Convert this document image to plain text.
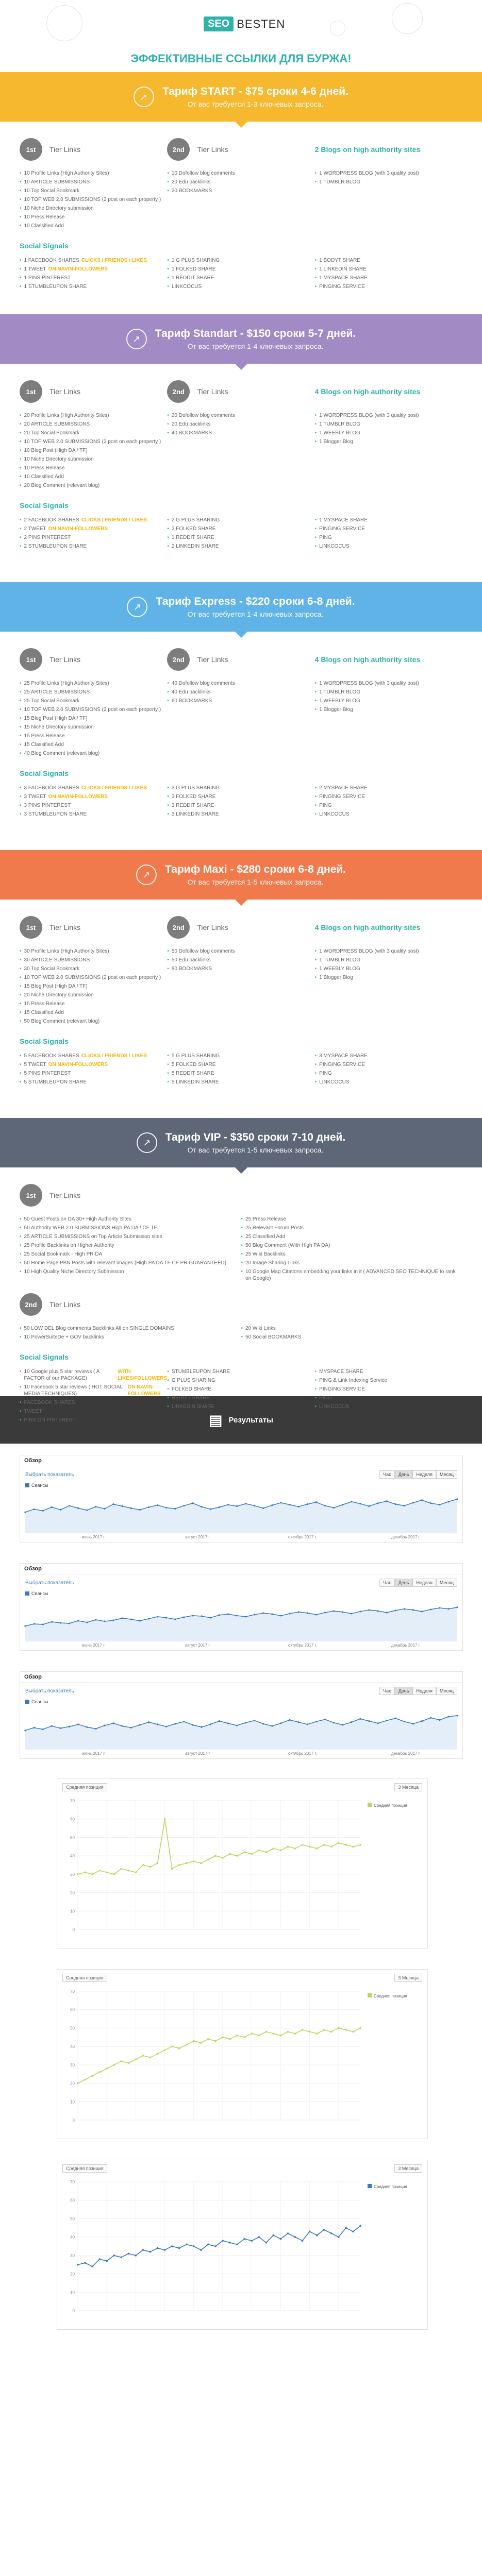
SEO BESTEN
ЭФФЕКТИВНЫЕ ССЫЛКИ ДЛЯ БУРЖА!
➚	Тариф START - $75 сроки 4-6 дней.
От вас требуется 1-3 ключевых запроса.
1st	Tier Links
• 10 Profile Links (High Authority Sites)
• 10 ARTICLE SUBMISSIONS
• 10 Top Social Bookmark
• 10 TOP WEB 2.0 SUBMISSIONS (2 post on each property )
• 10 Niche Directory submission
• 10 Press Release
• 10 Classified Add
2nd	Tier Links
• 10 Dofollow blog comments
• 20 Edu backlinks
• 20 BOOKMARKS
2 Blogs on high authority sites
• 1 WORDPRESS BLOG (with 3 quality post)
• 1 TUMBLR BLOG
Social Signals
• 1 FACEBOOK SHARES CLICKS / FRIENDS / LIKES
• 1 TWEET ON NAVIN-FOLLOWERS
• 1 PINS PINTEREST
• 1 STUMBLEUPON SHARE
• 1 G PLUS SHARING
• 1 FOLKED SHARE
• 1 REDDIT SHARE
• LINKCOCUS
• 1 BODYT SHARE
• 1 LINKEDIN SHARE
• 1 MYSPACE SHARE
• PINGING SERVICE
↗	Тариф Standart - $150 сроки 5-7 дней.
От вас требуется 1-4 ключевых запроса.
1st	Tier Links
• 20 Profile Links (High Authority Sites)
• 20 ARTICLE SUBMISSIONS
• 20 Top Social Bookmark
• 10 TOP WEB 2.0 SUBMISSIONS (2 post on each property )
• 10 Blog Post (High DA / TF)
• 10 Niche Directory submission
• 10 Press Release
• 10 Classified Add
• 20 Blog Comment (relevant blog)
2nd	Tier Links
• 20 Dofollow blog comments
• 20 Edu backlinks
• 40 BOOKMARKS
4 Blogs on high authority sites
• 1 WORDPRESS BLOG (with 3 quality post)
• 1 TUMBLR BLOG
• 1 WEEBLY BLOG
• 1 Blogger Blog
Social Signals
• 2 FACEBOOK SHARES CLICKS / FRIENDS / LIKES
• 2 TWEET ON NAVIN-FOLLOWERS
• 2 PINS PINTEREST
• 2 STUMBLEUPON SHARE
• 2 G PLUS SHARING
• 2 FOLKED SHARE
• 1 REDDIT SHARE
• 2 LINKEDIN SHARE
• 1 MYSPACE SHARE
• PINGING SERVICE
• PING
• LINKCOCUS
↗	Тариф Express - $220 сроки 6-8 дней.
От вас требуется 1-4 ключевых запроса.
1st	Tier Links
• 25 Profile Links (High Authority Sites)
• 25 ARTICLE SUBMISSIONS
• 25 Top Social Bookmark
• 10 TOP WEB 2.0 SUBMISSIONS (2 post on each property )
• 15 Blog Post (High DA / TF)
• 15 Niche Directory submission
• 15 Press Release
• 15 Classified Add
• 40 Blog Comment (relevant blog)
2nd	Tier Links
• 40 Dofollow blog comments
• 40 Edu backlinks
• 60 BOOKMARKS
4 Blogs on high authority sites
• 1 WORDPRESS BLOG (with 3 quality post)
• 1 TUMBLR BLOG
• 1 WEEBLY BLOG
• 1 Blogger Blog
Social Signals
• 3 FACEBOOK SHARES CLICKS / FRIENDS / LIKES
• 3 TWEET ON NAVIN-FOLLOWERS
• 3 PINS PINTEREST
• 3 STUMBLEUPON SHARE
• 3 G PLUS SHARING
• 3 FOLKED SHARE
• 3 REDDIT SHARE
• 3 LINKEDIN SHARE
• 2 MYSPACE SHARE
• PINGING SERVICE
• PING
• LINKCOCUS
↗	Тариф Maxi - $280 сроки 6-8 дней.
От вас требуется 1-5 ключевых запроса.
1st	Tier Links
• 30 Profile Links (High Authority Sites)
• 30 ARTICLE SUBMISSIONS
• 30 Top Social Bookmark
• 10 TOP WEB 2.0 SUBMISSIONS (2 post on each property )
• 15 Blog Post (High DA / TF)
• 20 Niche Directory submission
• 15 Press Release
• 15 Classified Add
• 50 Blog Comment (relevant blog)
2nd	Tier Links
• 50 Dofollow blog comments
• 50 Edu backlinks
• 80 BOOKMARKS
4 Blogs on high authority sites
• 1 WORDPRESS BLOG (with 3 quality post)
• 1 TUMBLR BLOG
• 1 WEEBLY BLOG
• 1 Blogger Blog
Social Signals
• 5 FACEBOOK SHARES CLICKS / FRIENDS / LIKES
• 5 TWEET ON NAVIN-FOLLOWERS
• 5 PINS PINTEREST
• 5 STUMBLEUPON SHARE
• 5 G PLUS SHARING
• 5 FOLKED SHARE
• 5 REDDIT SHARE
• 5 LINKEDIN SHARE
• 3 MYSPACE SHARE
• PINGING SERVICE
• PING
• LINKCOCUS
↗	Тариф VIP - $350 сроки 7-10 дней.
От вас требуется 1-5 ключевых запроса.
1st	Tier Links
• 50 Guest Posts on DA 30+ High Authority Sites
• 50 Authority WEB 2.0 SUBMISSIONS High PA DA / CF TF
• 25 ARTICLE SUBMISSIONS on Top Article Submission sites
• 25 Profile Backlinks on Higher Authority
• 25 Social Bookmark - High PR DA
• 50 Home Page PBN Posts with relevant images (High PA DA TF CF PR GUARANTEED)
• 10 High Quality Niche Directory Submission
• 25 Press Release
• 25 Relevant Forum Posts
• 25 Classified Add
• 50 Blog Comment (With High PA DA)
• 25 Wiki Backlinks
• 20 Image Sharing Links
• 10 Google Map Citations embedding your links in it ( ADVANCED SEO TECHNIQUE to rank on Google)
2nd	Tier Links
• 50 LOW DEL Blog comments Backlinks All on SINGLE DOMAINS
• 10 PowerSuiteDe + GOV backlinks
• 20 Wiki Links
• 50 Social BOOKMARKS
Social Signals
• 10 Google plus 5 star reviews ( A FACTOR of our PACKAGE)
WITH LIKES/FOLLOWERS
• 10 Facebook 5 star reviews ( HOT SOCIAL MEDIA TECHNIQUES)
ON NAVIN-FOLLOWERS
• FACEBOOK SHARES
• TWEET
• PINS ON PINTEREST
• STUMBLEUPON SHARE
• G PLUS SHARING
• FOLKED SHARE
• REDDIT SHARE
• LINKEDIN SHARE
• MYSPACE SHARE
• PING & Link Indexing Service
• PINGING SERVICE
• PING
• LINKCOCUS
▤ Результаты
Обзор
Выбрать показатель	Час	День	Неделя	Месяц
Сеансы
июнь 2017 г.	август 2017 г.	октябрь 2017 г.	декабрь 2017 г.
Обзор
Выбрать показатель	Час	День	Неделя	Месяц
Сеансы
июнь 2017 г.	август 2017 г.	октябрь 2017 г.	декабрь 2017 г.
Обзор
Выбрать показатель	Час	День	Неделя	Месяц
Сеансы
июнь 2017 г.	август 2017 г.	октябрь 2017 г.	декабрь 2017 г.
Средняя позиция	3 Месяца
70
60
50
40
30
20
10
0
Средняя позиция
Средняя позиция	3 Месяца
70
60
50
40
30
20
10
0
Средняя позиция
Средняя позиция	3 Месяца
70
60
50
40
30
20
10
0
Средняя позиция
